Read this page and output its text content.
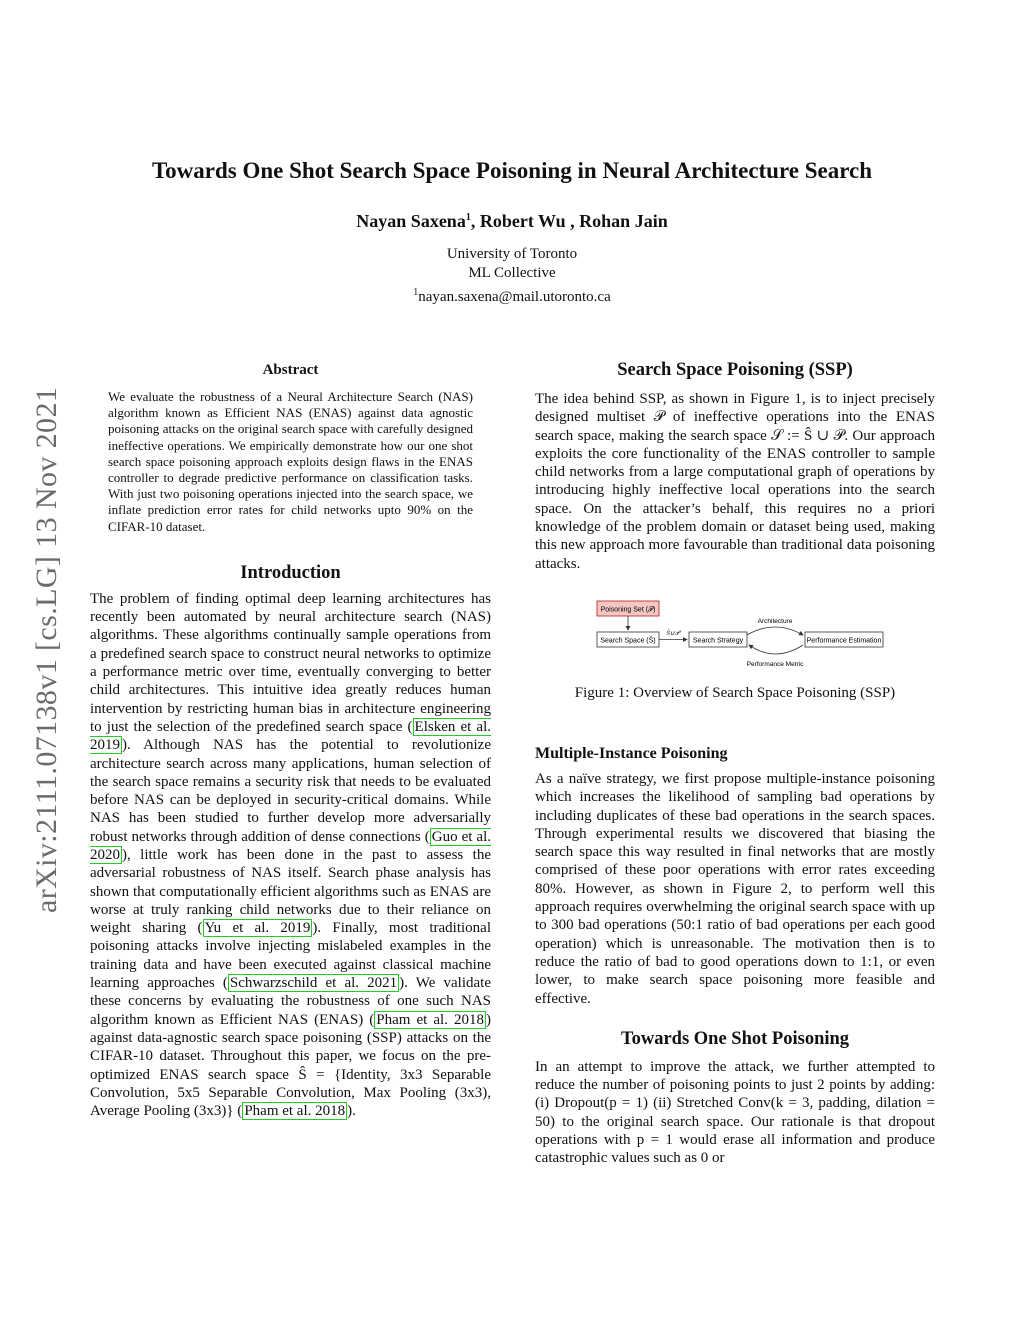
arXiv:2111.07138v1 [cs.LG] 13 Nov 2021
Towards One Shot Search Space Poisoning in Neural Architecture Search
Nayan Saxena$^1$, Robert Wu , Rohan Jain
University of Toronto
ML Collective
$^1$nayan.saxena@mail.utoronto.ca
Abstract

We evaluate the robustness of a Neural Architecture Search (NAS) algorithm known as Efficient NAS (ENAS) against data agnostic poisoning attacks on the original search space with carefully designed ineffective operations. We empirically demonstrate how our one shot search space poisoning approach exploits design flaws in the ENAS controller to degrade predictive performance on classification tasks. With just two poisoning operations injected into the search space, we inflate prediction error rates for child networks upto 90% on the CIFAR-10 dataset.

Introduction

The problem of finding optimal deep learning architectures has recently been automated by neural architecture search (NAS) algorithms. These algorithms continually sample operations from a predefined search space to construct neural networks to optimize a performance metric over time, eventually converging to better child architectures. This intuitive idea greatly reduces human intervention by restricting human bias in architecture engineering to just the selection of the predefined search space ( Elsken et al. 2019 ). Although NAS has the potential to revolutionize architecture search across many applications, human selection of the search space remains a security risk that needs to be evaluated before NAS can be deployed in security-critical domains. While NAS has been studied to further develop more adversarially robust networks through addition of dense connections ( Guo et al. 2020 ), little work has been done in the past to assess the adversarial robustness of NAS itself. Search phase analysis has shown that computationally efficient algorithms such as ENAS are worse at truly ranking child networks due to their reliance on weight sharing ( Yu et al. 2019 ). Finally, most traditional poisoning attacks involve injecting mislabeled examples in the training data and have been executed against classical machine learning approaches ( Schwarzschild et al. 2021 ). We validate these concerns by evaluating the robustness of one such NAS algorithm known as Efficient NAS (ENAS) ( Pham et al. 2018 ) against data-agnostic search space poisoning (SSP) attacks on the CIFAR-10 dataset. Throughout this paper, we focus on the pre-optimized ENAS search space Ŝ = {Identity, 3x3 Separable Convolution, 5x5 Separable Convolution, Max Pooling (3x3), Average Pooling (3x3)} ( Pham et al. 2018 ).

Search Space Poisoning (SSP)

The idea behind SSP, as shown in Figure 1, is to inject precisely designed multiset 𝒫 of ineffective operations into the ENAS search space, making the search space 𝒮 := Ŝ ∪ 𝒫. Our approach exploits the core functionality of the ENAS controller to sample child networks from a large computational graph of operations by introducing highly ineffective local operations into the search space. On the attacker’s behalf, this requires no a priori knowledge of the problem domain or dataset being used, making this new approach more favourable than traditional data poisoning attacks.

Poisoning Set (𝒫)
Search Space (Ŝ)
Ŝ∪𝒫
Search Strategy
Architecture
Performance Estimation
Performance Metric

Figure 1: Overview of Search Space Poisoning (SSP)

Multiple-Instance Poisoning

As a naïve strategy, we first propose multiple-instance poisoning which increases the likelihood of sampling bad operations by including duplicates of these bad operations in the search spaces. Through experimental results we discovered that biasing the search space this way resulted in final networks that are mostly comprised of these poor operations with error rates exceeding 80%. However, as shown in Figure 2, to perform well this approach requires overwhelming the original search space with up to 300 bad operations (50:1 ratio of bad operations per each good operation) which is unreasonable. The motivation then is to reduce the ratio of bad to good operations down to 1:1, or even lower, to make search space poisoning more feasible and effective.

Towards One Shot Poisoning

In an attempt to improve the attack, we further attempted to reduce the number of poisoning points to just 2 points by adding: (i) Dropout(p = 1) (ii) Stretched Conv(k = 3, padding, dilation = 50) to the original search space. Our rationale is that dropout operations with p = 1 would erase all information and produce catastrophic values such as 0 or
